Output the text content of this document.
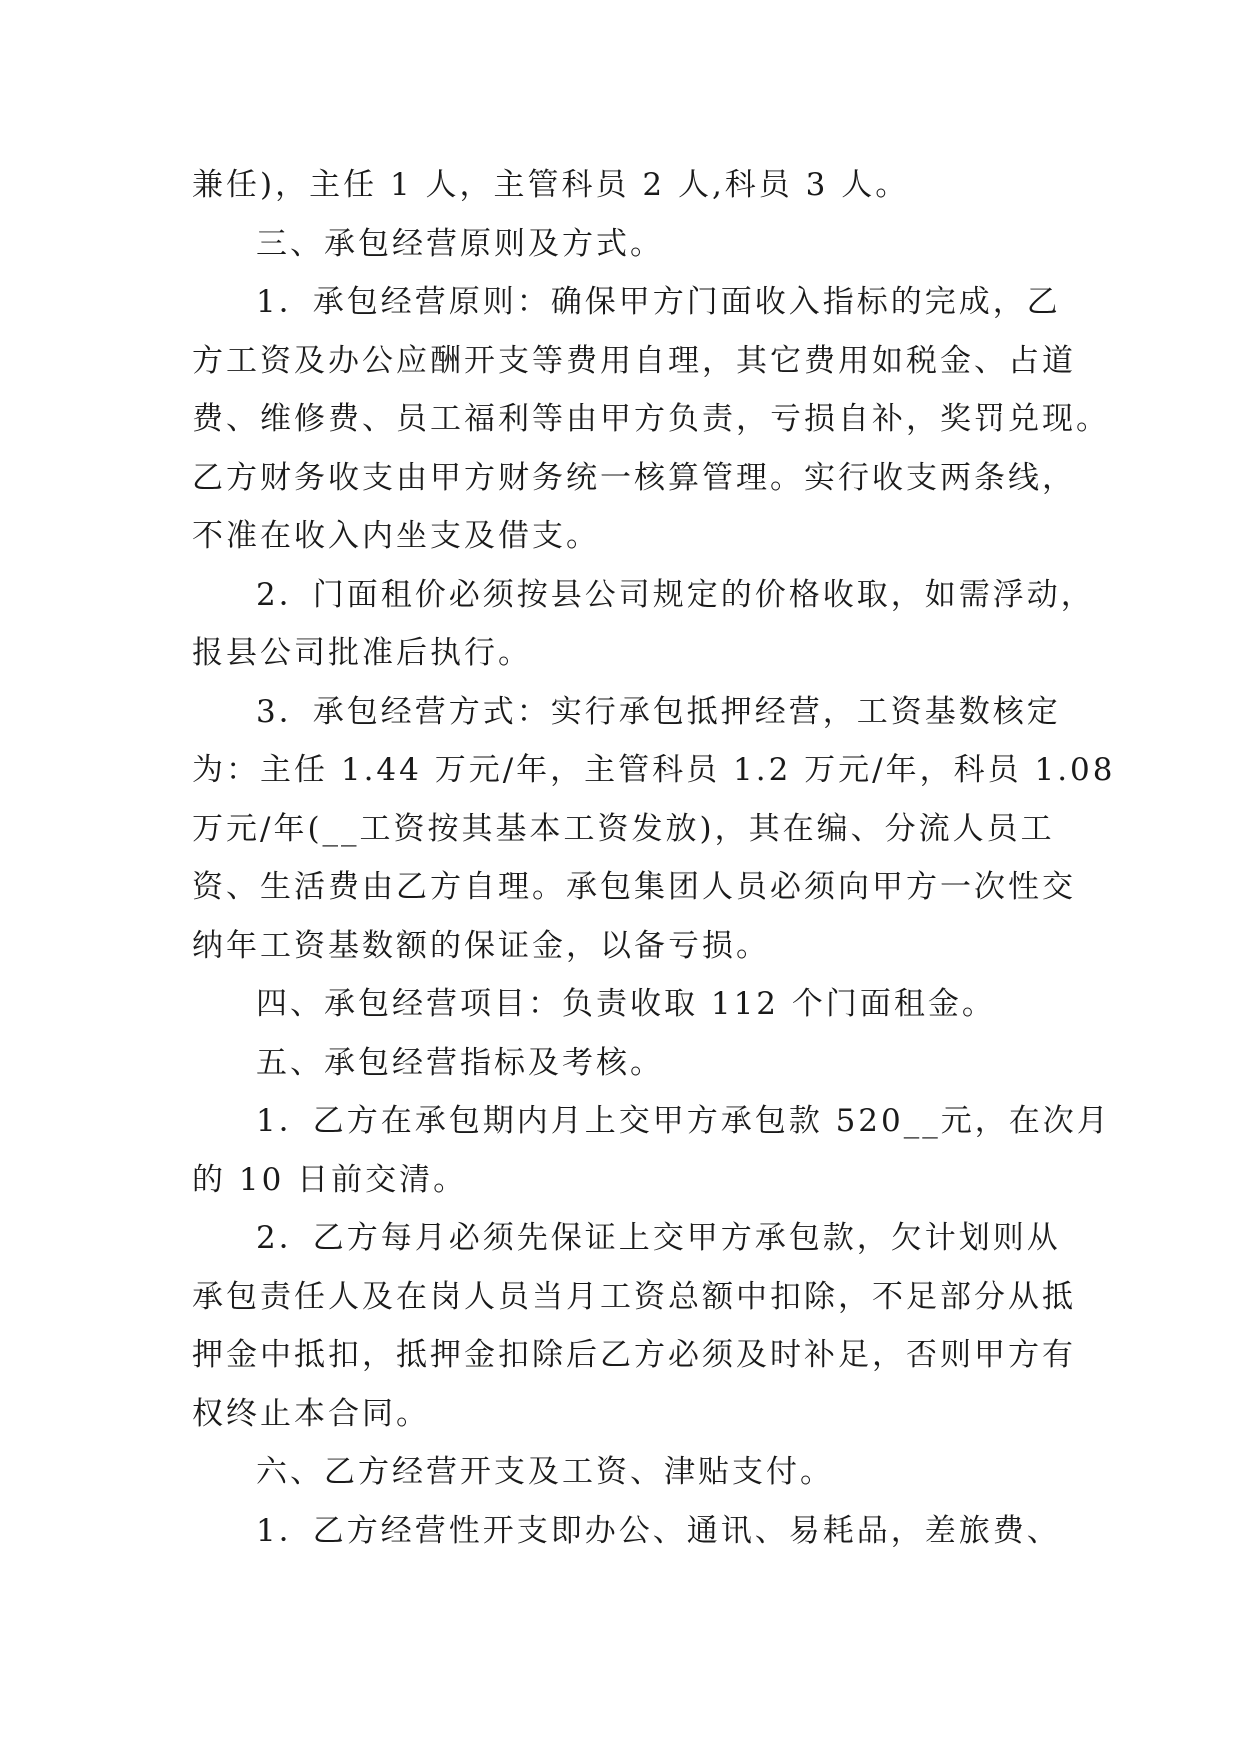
兼任)，主任 1 人，主管科员 2 人,科员 3 人。
三、承包经营原则及方式。
1．承包经营原则：确保甲方门面收入指标的完成，乙
方工资及办公应酬开支等费用自理，其它费用如税金、占道
费、维修费、员工福利等由甲方负责，亏损自补，奖罚兑现。
乙方财务收支由甲方财务统一核算管理。实行收支两条线，
不准在收入内坐支及借支。
2．门面租价必须按县公司规定的价格收取，如需浮动，
报县公司批准后执行。
3．承包经营方式：实行承包抵押经营，工资基数核定
为：主任 1.44 万元/年，主管科员 1.2 万元/年，科员 1.08
万元/年(__工资按其基本工资发放)，其在编、分流人员工
资、生活费由乙方自理。承包集团人员必须向甲方一次性交
纳年工资基数额的保证金，以备亏损。
四、承包经营项目：负责收取 112 个门面租金。
五、承包经营指标及考核。
1．乙方在承包期内月上交甲方承包款 520__元，在次月
的 10 日前交清。
2．乙方每月必须先保证上交甲方承包款，欠计划则从
承包责任人及在岗人员当月工资总额中扣除，不足部分从抵
押金中抵扣，抵押金扣除后乙方必须及时补足，否则甲方有
权终止本合同。
六、乙方经营开支及工资、津贴支付。
1．乙方经营性开支即办公、通讯、易耗品，差旅费、
